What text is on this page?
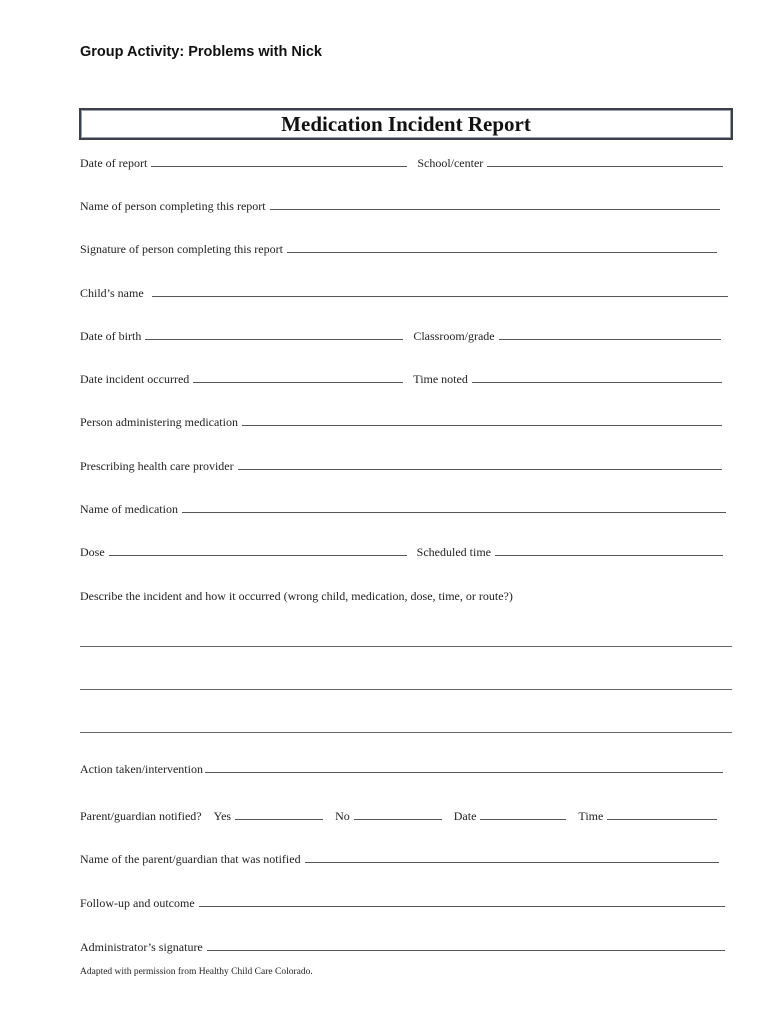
Group Activity: Problems with Nick
Medication Incident Report
Date of report	School/center
Name of person completing this report
Signature of person completing this report
Child’s name
Date of birth	Classroom/grade
Date incident occurred	Time noted
Person administering medication
Prescribing health care provider
Name of medication
Dose	Scheduled time
Describe the incident and how it occurred (wrong child, medication, dose, time, or route?)
Action taken/intervention
Parent/guardian notified? Yes	No	Date	Time
Name of the parent/guardian that was notified
Follow-up and outcome
Administrator’s signature
Adapted with permission from Healthy Child Care Colorado.
